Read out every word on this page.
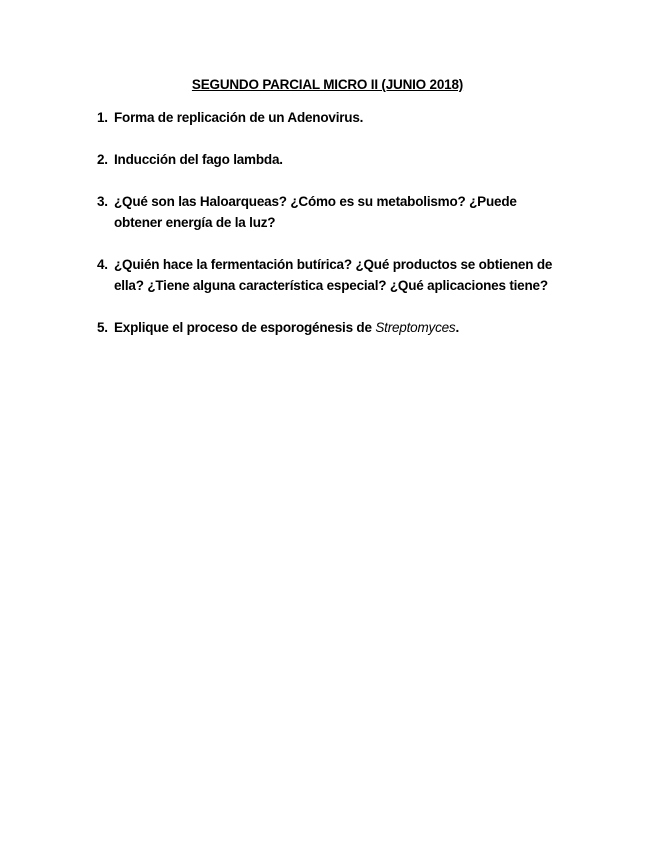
SEGUNDO PARCIAL MICRO II (JUNIO 2018)
1. Forma de replicación de un Adenovirus.
2. Inducción del fago lambda.
3. ¿Qué son las Haloarqueas? ¿Cómo es su metabolismo? ¿Puede obtener energía de la luz?
4. ¿Quién hace la fermentación butírica? ¿Qué productos se obtienen de ella? ¿Tiene alguna característica especial? ¿Qué aplicaciones tiene?
5. Explique el proceso de esporogénesis de Streptomyces.
